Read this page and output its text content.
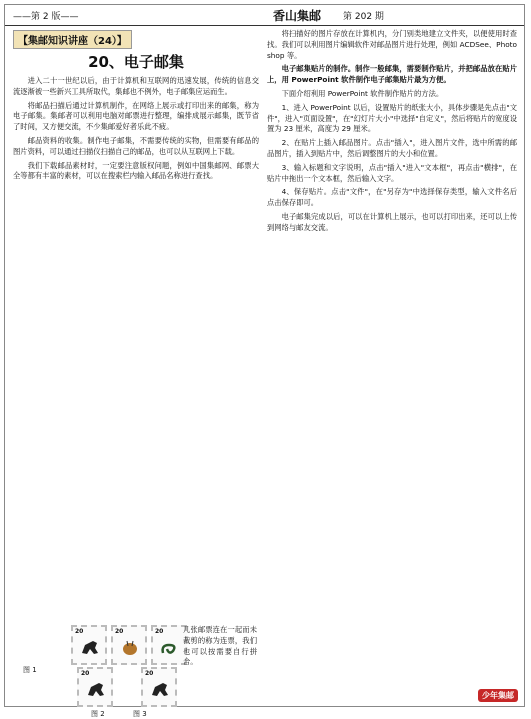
——第 2 版——	香山集邮 第 202 期
【集邮知识讲座（24）】
20、电子邮集

进入二十一世纪以后，由于计算机和互联网的迅速发展，传统的信息交流逐渐被一些新兴工具所取代，集邮也不例外，电子邮集应运而生。

将邮品扫描后通过计算机制作，在网络上展示或打印出来的邮集，称为电子邮集。集邮者可以利用电脑对邮票进行整理，编排成展示邮集，既节省了时间，又方便交流，不少集邮爱好者乐此不疲。

邮品资料的收集。制作电子邮集，不需要传统的实物，但需要有邮品的图片资料，可以通过扫描仪扫描自己的邮品，也可以从互联网上下载。

我们下载邮品素材时，一定要注意版权问题，例如中国集邮网、邮票大全等都有丰富的素材，可以在搜索栏内输入邮品名称进行查找。

20	20	20
图 1	20
图 2
20
图 3
几张邮票连在一起而未裁剪的称为连票，我们也可以按需要自行拼合。

将扫描好的图片存放在计算机内，分门别类地建立文件夹，以便使用时查找。我们可以利用图片编辑软件对邮品图片进行处理，例如 ACDSee、Photoshop 等。

电子邮集贴片的制作。制作一般邮集，需要制作贴片，并把邮品放在贴片上，用 PowerPoint 软件制作电子邮集贴片最为方便。

下面介绍利用 PowerPoint 软件制作贴片的方法。

1、进入 PowerPoint 以后，设置贴片的纸张大小，具体步骤是先点击"文件"，进入"页面设置"，在"幻灯片大小"中选择"自定义"，然后将贴片的宽度设置为 23 厘米，高度为 29 厘米。

2、在贴片上插入邮品图片。点击"插入"，进入图片文件，选中所需的邮品图片，插入到贴片中，然后调整图片的大小和位置。

3、输入标题和文字说明，点击"插入"进入"文本框"，再点击"横排"，在贴片中拖出一个文本框，然后输入文字。

4、保存贴片。点击"文件"，在"另存为"中选择保存类型，输入文件名后点击保存即可。

电子邮集完成以后，可以在计算机上展示，也可以打印出来，还可以上传到网络与邮友交流。

少年集邮
